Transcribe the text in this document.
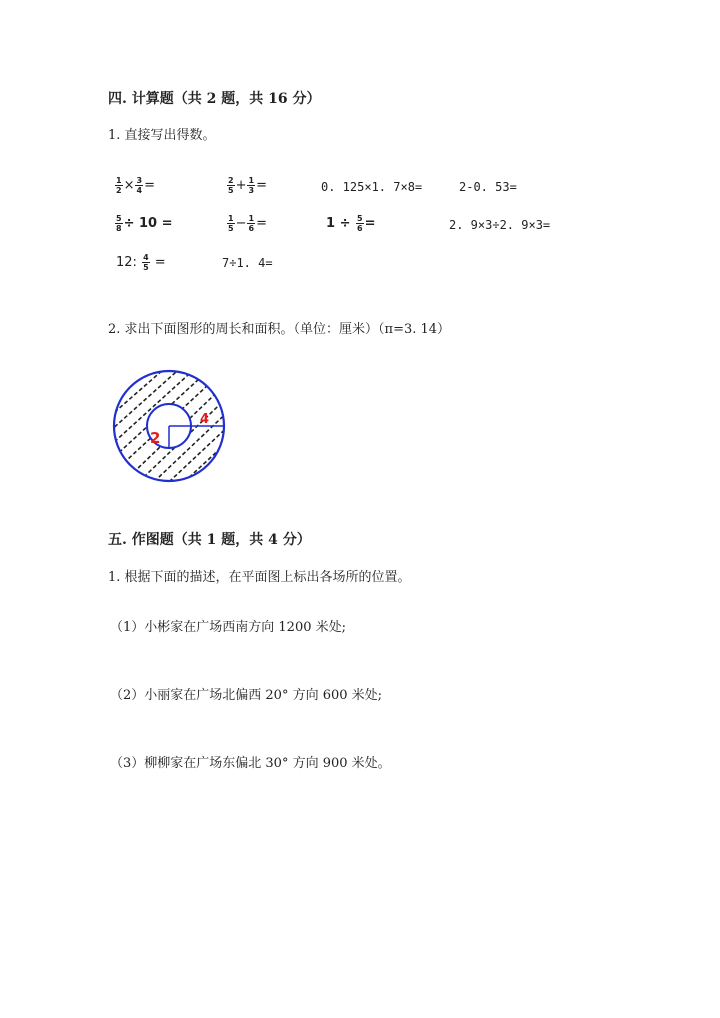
四. 计算题（共 2 题，共 16 分）
1. 直接写出得数。
$\frac{1}{2} \times \frac{3}{4}$ =	$\frac{2}{5} + \frac{1}{3}$ =	0. 125×1. 7×8=	2-0. 53=
$\frac{5}{8} \div 10$ =	$\frac{1}{5} - \frac{1}{6}$ =	$1 \div \frac{5}{6}$ =	2. 9×3÷2. 9×3=
12: $\frac{4}{5}$ =	7÷1. 4=
2. 求出下面图形的周长和面积。（单位：厘米）（π=3. 14）
2
4
五. 作图题（共 1 题，共 4 分）
1. 根据下面的描述，在平面图上标出各场所的位置。
（1）小彬家在广场西南方向 1200 米处;
（2）小丽家在广场北偏西 20° 方向 600 米处;
（3）柳柳家在广场东偏北 30° 方向 900 米处。
